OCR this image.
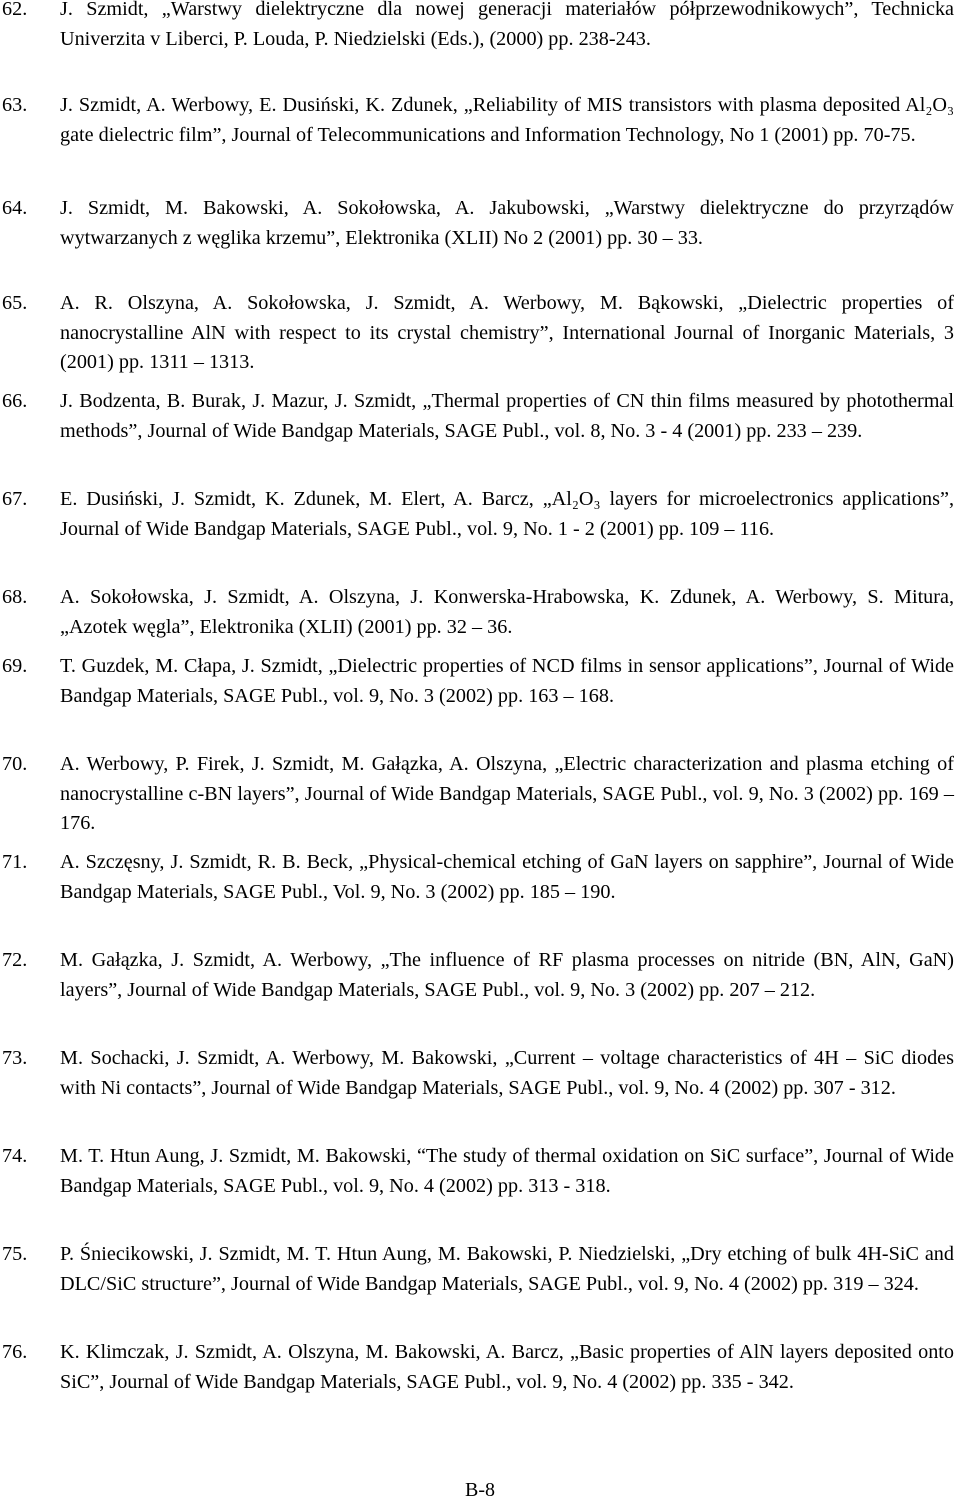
62.	J. Szmidt, „Warstwy dielektryczne dla nowej generacji materiałów półprzewodnikowych”, Technicka Univerzita v Liberci, P. Louda, P. Niedzielski (Eds.), (2000) pp. 238-243.
63.	J. Szmidt, A. Werbowy, E. Dusiński, K. Zdunek, „Reliability of MIS transistors with plasma deposited Al₂O₃ gate dielectric film”, Journal of Telecommunications and Information Technology, No 1 (2001) pp. 70-75.
64.	J. Szmidt, M. Bakowski, A. Sokołowska, A. Jakubowski, „Warstwy dielektryczne do przyrządów wytwarzanych z węglika krzemu”, Elektronika (XLII) No 2 (2001) pp. 30 – 33.
65.	A. R. Olszyna, A. Sokołowska, J. Szmidt, A. Werbowy, M. Bąkowski, „Dielectric properties of nanocrystalline AlN with respect to its crystal chemistry”, International Journal of Inorganic Materials, 3 (2001) pp. 1311 – 1313.
66.	J. Bodzenta, B. Burak, J. Mazur, J. Szmidt, „Thermal properties of CN thin films measured by photothermal methods”, Journal of Wide Bandgap Materials, SAGE Publ., vol. 8, No. 3 - 4 (2001) pp. 233 – 239.
67.	E. Dusiński, J. Szmidt, K. Zdunek, M. Elert, A. Barcz, „Al₂O₃ layers for microelectronics applications”, Journal of Wide Bandgap Materials, SAGE Publ., vol. 9, No. 1 - 2 (2001) pp. 109 – 116.
68.	A. Sokołowska, J. Szmidt, A. Olszyna, J. Konwerska-Hrabowska, K. Zdunek, A. Werbowy, S. Mitura, „Azotek węgla”, Elektronika (XLII) (2001) pp. 32 – 36.
69.	T. Guzdek, M. Cłapa, J. Szmidt, „Dielectric properties of NCD films in sensor applications”, Journal of Wide Bandgap Materials, SAGE Publ., vol. 9, No. 3 (2002) pp. 163 – 168.
70.	A. Werbowy, P. Firek, J. Szmidt, M. Gałązka, A. Olszyna, „Electric characterization and plasma etching of nanocrystalline c-BN layers”, Journal of Wide Bandgap Materials, SAGE Publ., vol. 9, No. 3 (2002) pp. 169 – 176.
71.	A. Szczęsny, J. Szmidt, R. B. Beck, „Physical-chemical etching of GaN layers on sapphire”, Journal of Wide Bandgap Materials, SAGE Publ., Vol. 9, No. 3 (2002) pp. 185 – 190.
72.	M. Gałązka, J. Szmidt, A. Werbowy, „The influence of RF plasma processes on nitride (BN, AlN, GaN) layers”, Journal of Wide Bandgap Materials, SAGE Publ., vol. 9, No. 3 (2002) pp. 207 – 212.
73.	M. Sochacki, J. Szmidt, A. Werbowy, M. Bakowski, „Current – voltage characteristics of 4H – SiC diodes with Ni contacts”, Journal of Wide Bandgap Materials, SAGE Publ., vol. 9, No. 4 (2002) pp. 307 - 312.
74.	M. T. Htun Aung, J. Szmidt, M. Bakowski, “The study of thermal oxidation on SiC surface”, Journal of Wide Bandgap Materials, SAGE Publ., vol. 9, No. 4 (2002) pp. 313 - 318.
75.	P. Śniecikowski, J. Szmidt, M. T. Htun Aung, M. Bakowski, P. Niedzielski, „Dry etching of bulk 4H-SiC and DLC/SiC structure”, Journal of Wide Bandgap Materials, SAGE Publ., vol. 9, No. 4 (2002) pp. 319 – 324.
76.	K. Klimczak, J. Szmidt, A. Olszyna, M. Bakowski, A. Barcz, „Basic properties of AlN layers deposited onto SiC”, Journal of Wide Bandgap Materials, SAGE Publ., vol. 9, No. 4 (2002) pp. 335 - 342.
B-8
